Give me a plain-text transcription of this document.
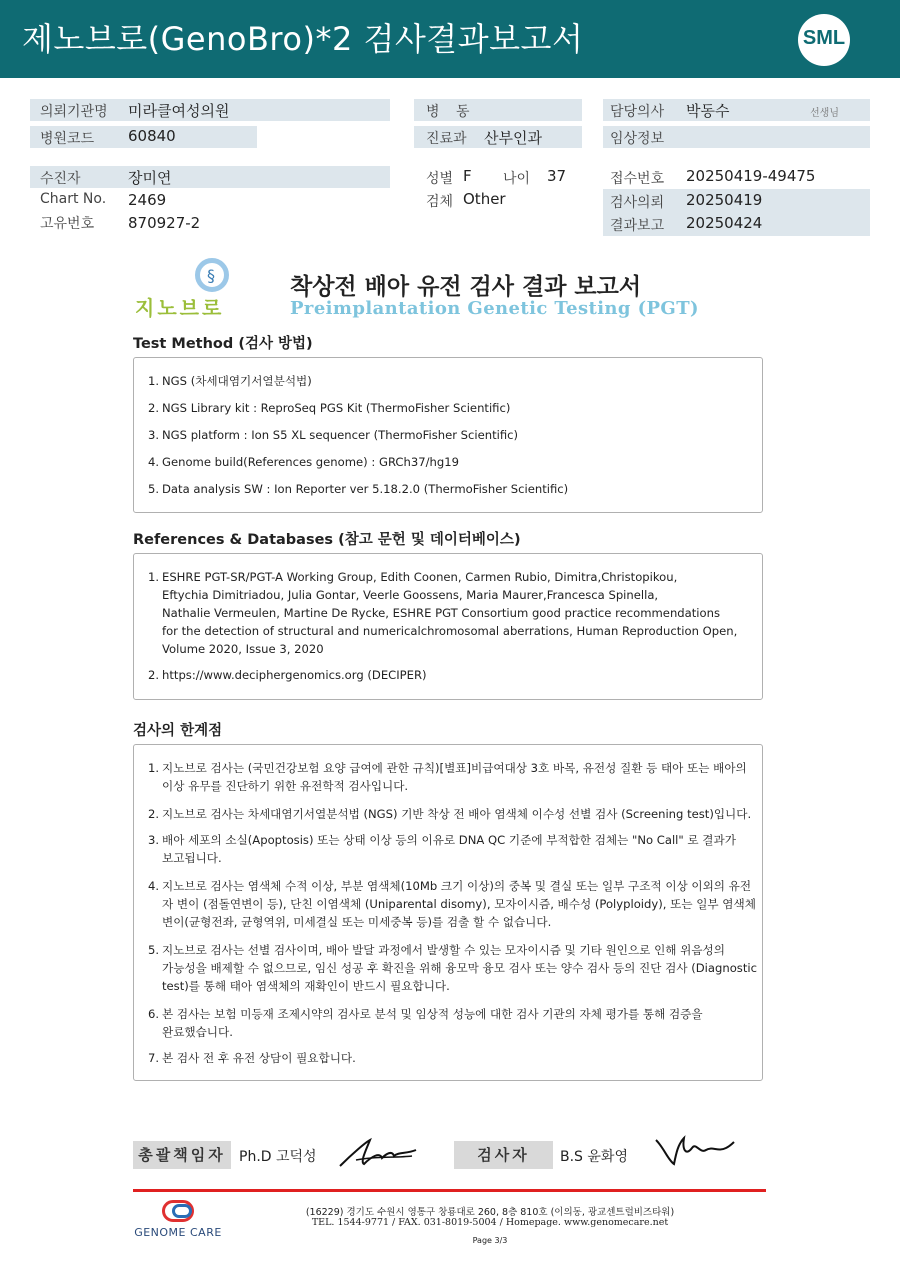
제노브로(GenoBro)*2 검사결과보고서	SML
의뢰기관명 미라클여성의원
병원코드 60840
병 동
진료과 산부인과
담당의사 박동수	선생님
임상정보
수진자	장미연
Chart No. 2469
고유번호 870927-2
성별 F 나이 37
검체 Other
접수번호 20250419-49475
검사의뢰 20250419
결과보고 20250424
§
지노브로
착상전 배아 유전 검사 결과 보고서
Preimplantation Genetic Testing (PGT)
Test Method (검사 방법)
1. NGS (차세대염기서열분석법)
2. NGS Library kit : ReproSeq PGS Kit (ThermoFisher Scientific)
3. NGS platform : Ion S5 XL sequencer (ThermoFisher Scientific)
4. Genome build(References genome) : GRCh37/hg19
5. Data analysis SW : Ion Reporter ver 5.18.2.0 (ThermoFisher Scientific)
References & Databases (참고 문헌 및 데이터베이스)
1. ESHRE PGT-SR/PGT-A Working Group, Edith Coonen, Carmen Rubio, Dimitra,Christopikou,
Eftychia Dimitriadou, Julia Gontar, Veerle Goossens, Maria Maurer,Francesca Spinella,
Nathalie Vermeulen, Martine De Rycke, ESHRE PGT Consortium good practice recommendations
for the detection of structural and numericalchromosomal aberrations, Human Reproduction Open,
Volume 2020, Issue 3, 2020
2. https://www.deciphergenomics.org (DECIPER)
검사의 한계점
1. 지노브로 검사는 (국민건강보험 요양 급여에 관한 규칙)[별표]비급여대상 3호 바목, 유전성 질환 등 태아 또는 배아의
이상 유무를 진단하기 위한 유전학적 검사입니다.
2. 지노브로 검사는 차세대염기서열분석법 (NGS) 기반 착상 전 배아 염색체 이수성 선별 검사 (Screening test)입니다.
3. 배아 세포의 소실(Apoptosis) 또는 상태 이상 등의 이유로 DNA QC 기준에 부적합한 검체는 "No Call" 로 결과가
보고됩니다.
4. 지노브로 검사는 염색체 수적 이상, 부분 염색체(10Mb 크기 이상)의 중복 및 결실 또는 일부 구조적 이상 이외의 유전
자 변이 (점돌연변이 등), 단친 이염색체 (Uniparental disomy), 모자이시즘, 배수성 (Polyploidy), 또는 일부 염색체
변이(균형전좌, 균형역위, 미세결실 또는 미세중복 등)를 검출 할 수 없습니다.
5. 지노브로 검사는 선별 검사이며, 배아 발달 과정에서 발생할 수 있는 모자이시즘 및 기타 원인으로 인해 위음성의
가능성을 배제할 수 없으므로, 임신 성공 후 확진을 위해 융모막 융모 검사 또는 양수 검사 등의 진단 검사 (Diagnostic
test)를 통해 태아 염색체의 재확인이 반드시 필요합니다.
6. 본 검사는 보험 미등재 조제시약의 검사로 분석 및 임상적 성능에 대한 검사 기관의 자체 평가를 통해 검증을
완료했습니다.
7. 본 검사 전 후 유전 상담이 필요합니다.
총괄책임자 Ph.D 고덕성	검사자	B.S 윤화영
GENOME CARE
(16229) 경기도 수원시 영통구 창룡대로 260, 8층 810호 (이의동, 광교센트럴비즈타워)
TEL. 1544-9771 / FAX. 031-8019-5004 / Homepage. www.genomecare.net
Page 3/3
